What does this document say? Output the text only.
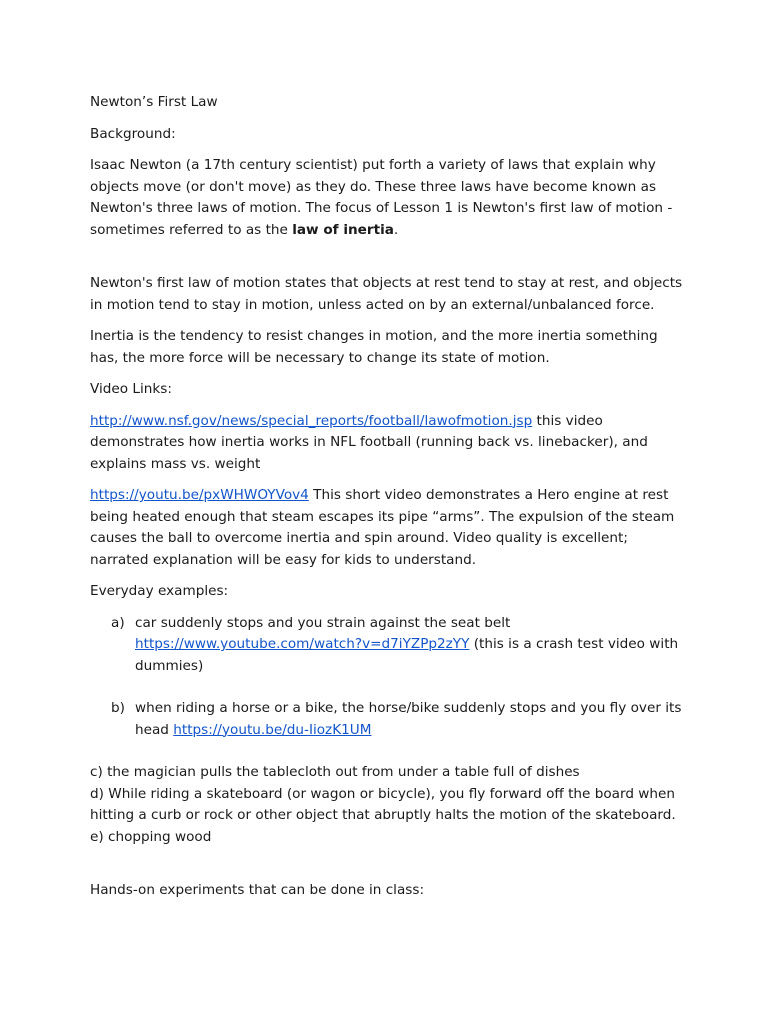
Newton’s First Law

Background:

Isaac Newton (a 17th century scientist) put forth a variety of laws that explain why objects move (or don't move) as they do. These three laws have become known as Newton's three laws of motion. The focus of Lesson 1 is Newton's first law of motion - sometimes referred to as the law of inertia.

Newton's first law of motion states that objects at rest tend to stay at rest, and objects in motion tend to stay in motion, unless acted on by an external/unbalanced force.

Inertia is the tendency to resist changes in motion, and the more inertia something has, the more force will be necessary to change its state of motion.

Video Links:

http://www.nsf.gov/news/special_reports/football/lawofmotion.jsp this video demonstrates how inertia works in NFL football (running back vs. linebacker), and explains mass vs. weight

https://youtu.be/pxWHWOYVov4 This short video demonstrates a Hero engine at rest being heated enough that steam escapes its pipe “arms”. The expulsion of the steam causes the ball to overcome inertia and spin around. Video quality is excellent; narrated explanation will be easy for kids to understand.

Everyday examples:

a) car suddenly stops and you strain against the seat belt https://www.youtube.com/watch?v=d7iYZPp2zYY (this is a crash test video with dummies)
b) when riding a horse or a bike, the horse/bike suddenly stops and you fly over its head https://youtu.be/du-IiozK1UM

c) the magician pulls the tablecloth out from under a table full of dishes

d) While riding a skateboard (or wagon or bicycle), you fly forward off the board when hitting a curb or rock or other object that abruptly halts the motion of the skateboard.

e) chopping wood

Hands-on experiments that can be done in class:
